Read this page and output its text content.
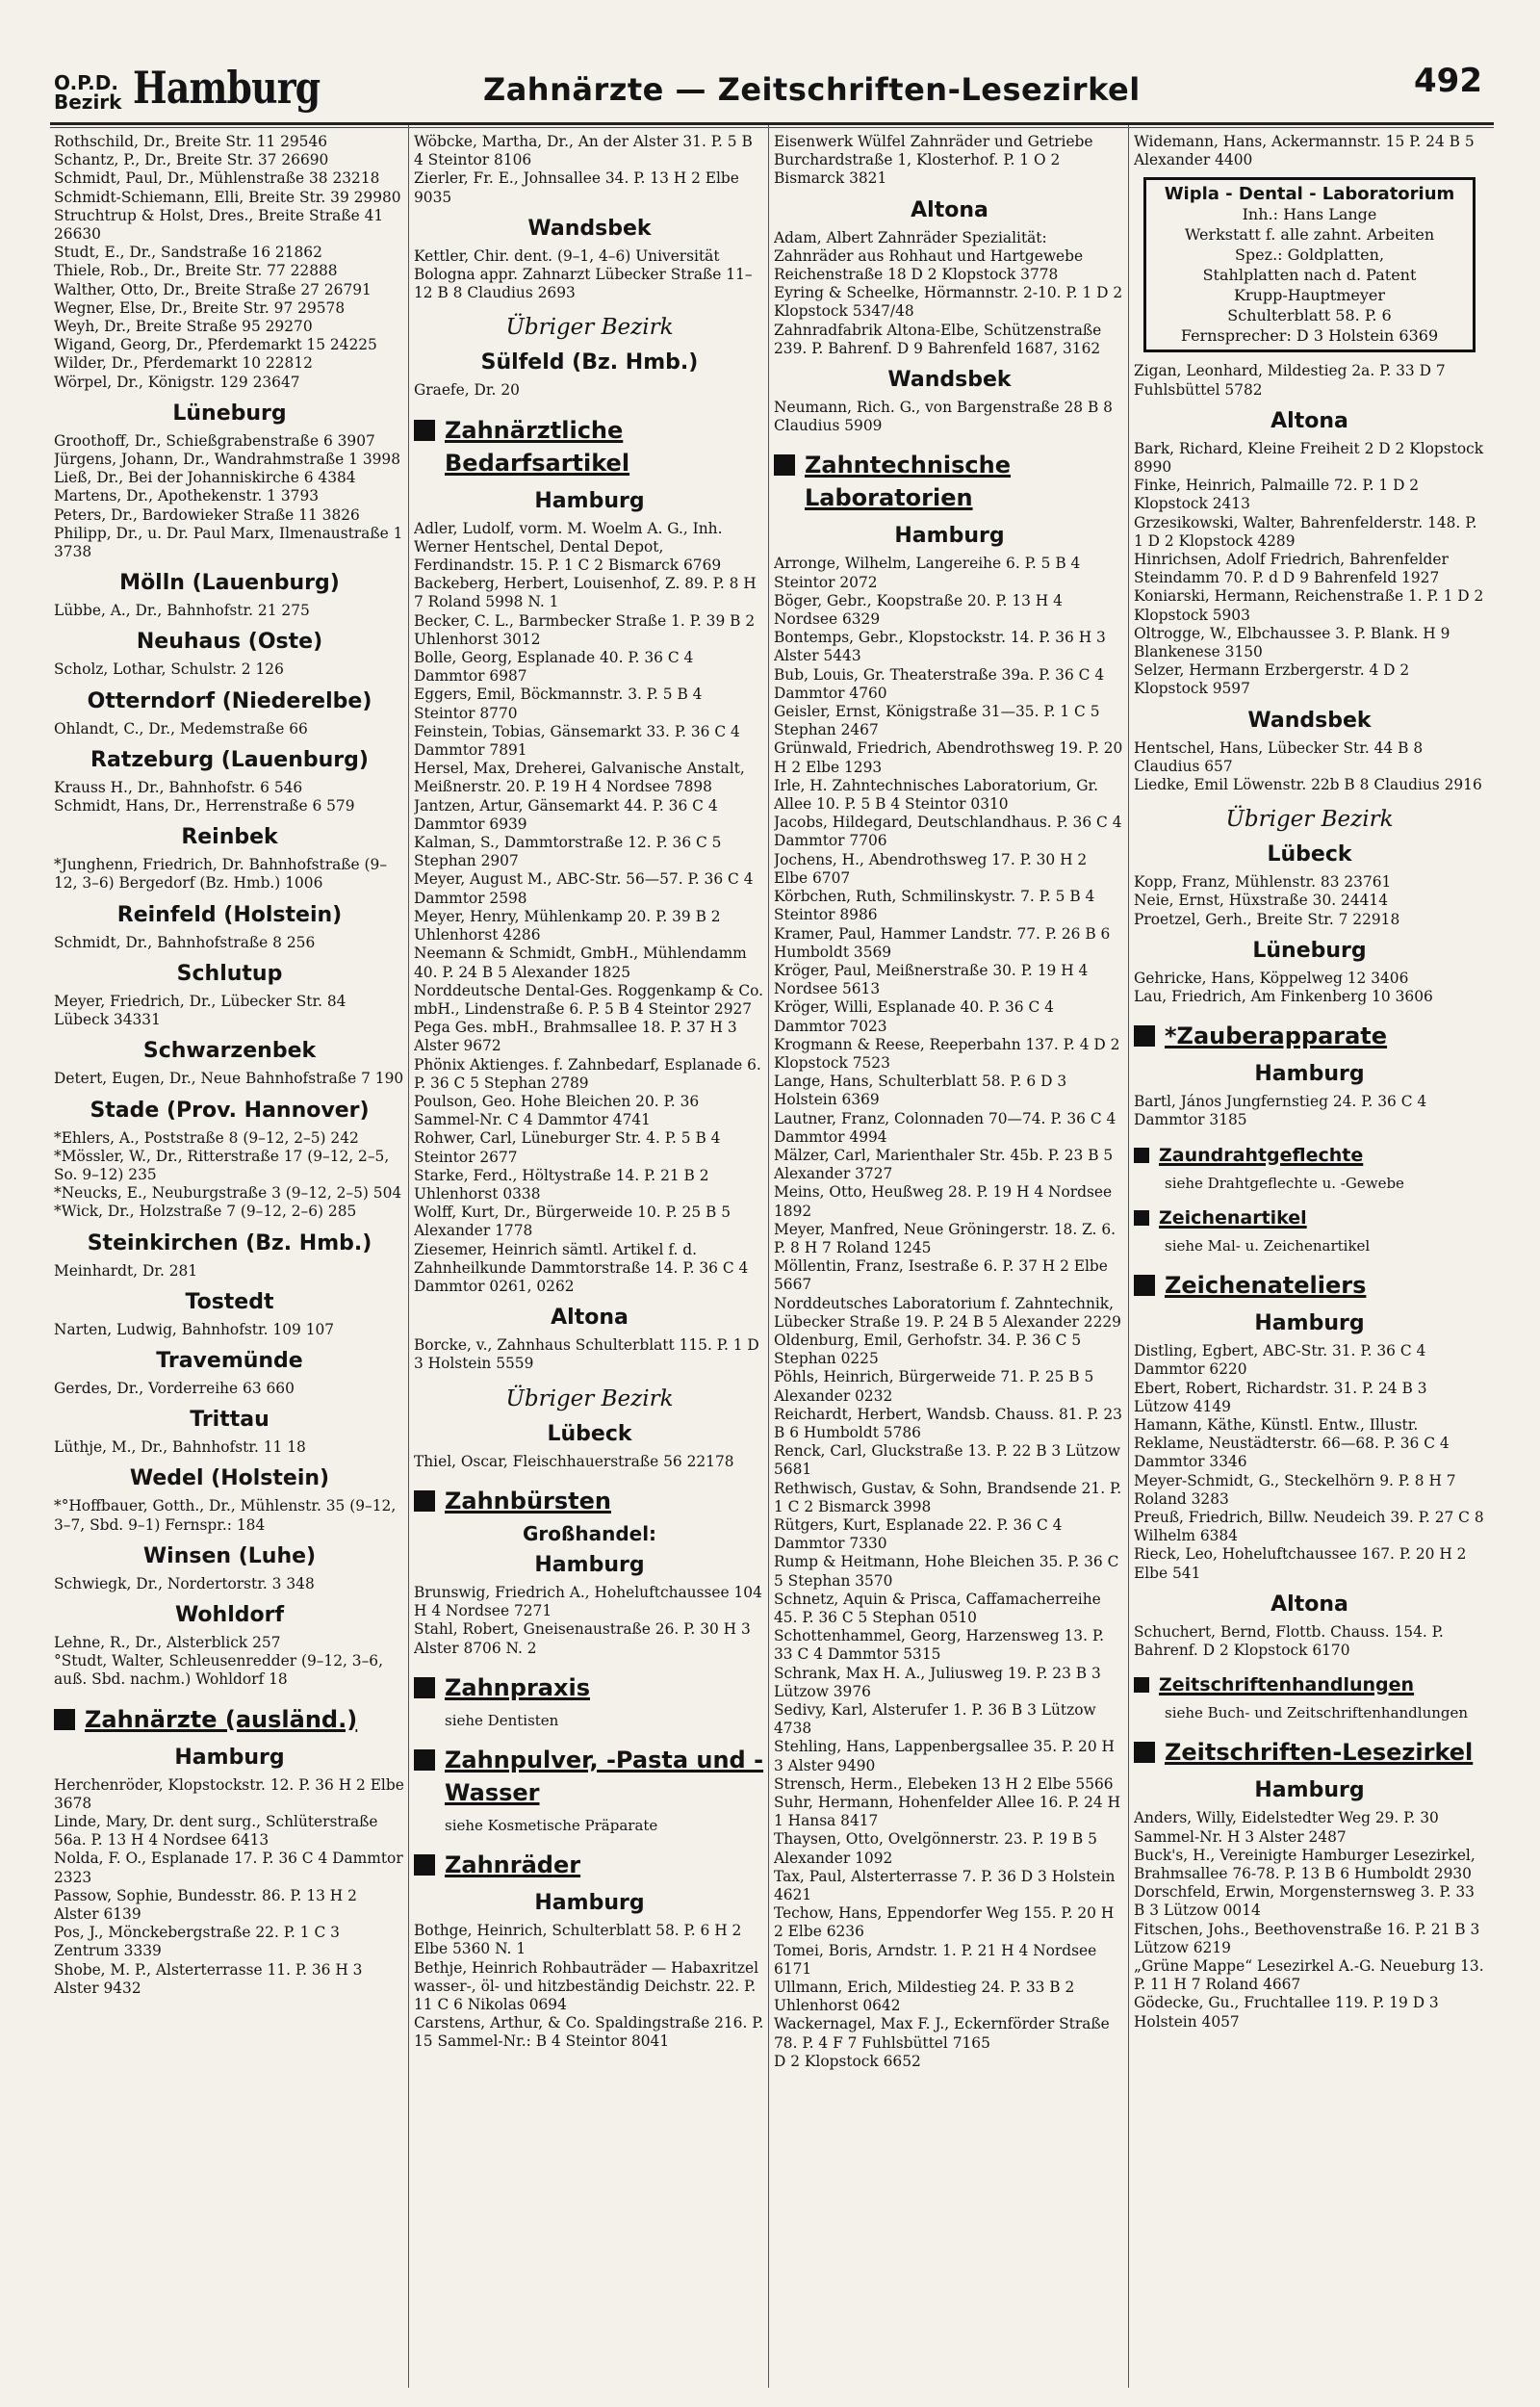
O.P.D.
Bezirk Hamburg	Zahnärzte — Zeitschriften-Lesezirkel	492

Rothschild, Dr., Breite Str. 11 29546

Schantz, P., Dr., Breite Str. 37 26690

Schmidt, Paul, Dr., Mühlenstraße 38 23218

Schmidt-Schiemann, Elli, Breite Str. 39 29980

Struchtrup & Holst, Dres., Breite Straße 41 26630

Studt, E., Dr., Sandstraße 16 21862

Thiele, Rob., Dr., Breite Str. 77 22888

Walther, Otto, Dr., Breite Straße 27 26791

Wegner, Else, Dr., Breite Str. 97 29578

Weyh, Dr., Breite Straße 95 29270

Wigand, Georg, Dr., Pferdemarkt 15 24225

Wilder, Dr., Pferdemarkt 10 22812

Wörpel, Dr., Königstr. 129 23647

Lüneburg

Groothoff, Dr., Schießgrabenstraße 6 3907

Jürgens, Johann, Dr., Wandrahmstraße 1 3998

Ließ, Dr., Bei der Johanniskirche 6 4384

Martens, Dr., Apothekenstr. 1 3793

Peters, Dr., Bardowieker Straße 11 3826

Philipp, Dr., u. Dr. Paul Marx, Ilmenaustraße 1 3738

Mölln (Lauenburg)

Lübbe, A., Dr., Bahnhofstr. 21 275

Neuhaus (Oste)

Scholz, Lothar, Schulstr. 2 126

Otterndorf (Niederelbe)

Ohlandt, C., Dr., Medemstraße 66

Ratzeburg (Lauenburg)

Krauss H., Dr., Bahnhofstr. 6 546

Schmidt, Hans, Dr., Herrenstraße 6 579

Reinbek

*Junghenn, Friedrich, Dr. Bahnhofstraße (9–12, 3–6) Bergedorf (Bz. Hmb.) 1006

Reinfeld (Holstein)

Schmidt, Dr., Bahnhofstraße 8 256

Schlutup

Meyer, Friedrich, Dr., Lübecker Str. 84 Lübeck 34331

Schwarzenbek

Detert, Eugen, Dr., Neue Bahnhofstraße 7 190

Stade (Prov. Hannover)

*Ehlers, A., Poststraße 8 (9–12, 2–5) 242

*Mössler, W., Dr., Ritterstraße 17 (9–12, 2–5, So. 9–12) 235

*Neucks, E., Neuburgstraße 3 (9–12, 2–5) 504

*Wick, Dr., Holzstraße 7 (9–12, 2–6) 285

Steinkirchen (Bz. Hmb.)

Meinhardt, Dr. 281

Tostedt

Narten, Ludwig, Bahnhofstr. 109 107

Travemünde

Gerdes, Dr., Vorderreihe 63 660

Trittau

Lüthje, M., Dr., Bahnhofstr. 11 18

Wedel (Holstein)

*°Hoffbauer, Gotth., Dr., Mühlenstr. 35 (9–12, 3–7, Sbd. 9–1) Fernspr.: 184

Winsen (Luhe)

Schwiegk, Dr., Nordertorstr. 3 348

Wohldorf

Lehne, R., Dr., Alsterblick 257

°Studt, Walter, Schleusenredder (9–12, 3–6, auß. Sbd. nachm.) Wohldorf 18

Zahnärzte (ausländ.)
Hamburg

Herchenröder, Klopstockstr. 12. P. 36 H 2 Elbe 3678

Linde, Mary, Dr. dent surg., Schlüterstraße 56a. P. 13 H 4 Nordsee 6413

Nolda, F. O., Esplanade 17. P. 36 C 4 Dammtor 2323

Passow, Sophie, Bundesstr. 86. P. 13 H 2 Alster 6139

Pos, J., Mönckebergstraße 22. P. 1 C 3 Zentrum 3339

Shobe, M. P., Alsterterrasse 11. P. 36 H 3 Alster 9432

Wöbcke, Martha, Dr., An der Alster 31. P. 5 B 4 Steintor 8106

Zierler, Fr. E., Johnsallee 34. P. 13 H 2 Elbe 9035

Wandsbek

Kettler, Chir. dent. (9–1, 4–6) Universität Bologna appr. Zahnarzt Lübecker Straße 11–12 B 8 Claudius 2693

Übriger Bezirk
Sülfeld (Bz. Hmb.)

Graefe, Dr. 20

Zahnärztliche Bedarfsartikel
Hamburg

Adler, Ludolf, vorm. M. Woelm A. G., Inh. Werner Hentschel, Dental Depot, Ferdinandstr. 15. P. 1 C 2 Bismarck 6769

Backeberg, Herbert, Louisenhof, Z. 89. P. 8 H 7 Roland 5998 N. 1

Becker, C. L., Barmbecker Straße 1. P. 39 B 2 Uhlenhorst 3012

Bolle, Georg, Esplanade 40. P. 36 C 4 Dammtor 6987

Eggers, Emil, Böckmannstr. 3. P. 5 B 4 Steintor 8770

Feinstein, Tobias, Gänsemarkt 33. P. 36 C 4 Dammtor 7891

Hersel, Max, Dreherei, Galvanische Anstalt, Meißnerstr. 20. P. 19 H 4 Nordsee 7898

Jantzen, Artur, Gänsemarkt 44. P. 36 C 4 Dammtor 6939

Kalman, S., Dammtorstraße 12. P. 36 C 5 Stephan 2907

Meyer, August M., ABC-Str. 56—57. P. 36 C 4 Dammtor 2598

Meyer, Henry, Mühlenkamp 20. P. 39 B 2 Uhlenhorst 4286

Neemann & Schmidt, GmbH., Mühlendamm 40. P. 24 B 5 Alexander 1825

Norddeutsche Dental-Ges. Roggenkamp & Co. mbH., Lindenstraße 6. P. 5 B 4 Steintor 2927

Pega Ges. mbH., Brahmsallee 18. P. 37 H 3 Alster 9672

Phönix Aktienges. f. Zahnbedarf, Esplanade 6. P. 36 C 5 Stephan 2789

Poulson, Geo. Hohe Bleichen 20. P. 36 Sammel-Nr. C 4 Dammtor 4741

Rohwer, Carl, Lüneburger Str. 4. P. 5 B 4 Steintor 2677

Starke, Ferd., Höltystraße 14. P. 21 B 2 Uhlenhorst 0338

Wolff, Kurt, Dr., Bürgerweide 10. P. 25 B 5 Alexander 1778

Ziesemer, Heinrich sämtl. Artikel f. d. Zahnheilkunde Dammtorstraße 14. P. 36 C 4 Dammtor 0261, 0262

Altona

Borcke, v., Zahnhaus Schulterblatt 115. P. 1 D 3 Holstein 5559

Übriger Bezirk
Lübeck

Thiel, Oscar, Fleischhauerstraße 56 22178

Zahnbürsten
Großhandel:
Hamburg

Brunswig, Friedrich A., Hoheluftchaussee 104 H 4 Nordsee 7271

Stahl, Robert, Gneisenaustraße 26. P. 30 H 3 Alster 8706 N. 2

Zahnpraxis
siehe Dentisten
Zahnpulver, -Pasta und -Wasser
siehe Kosmetische Präparate
Zahnräder
Hamburg

Bothge, Heinrich, Schulterblatt 58. P. 6 H 2 Elbe 5360 N. 1

Bethje, Heinrich Rohbauträder — Habaxritzel wasser-, öl- und hitzbeständig Deichstr. 22. P. 11 C 6 Nikolas 0694

Carstens, Arthur, & Co. Spaldingstraße 216. P. 15 Sammel-Nr.: B 4 Steintor 8041

Eisenwerk Wülfel Zahnräder und Getriebe Burchardstraße 1, Klosterhof. P. 1 O 2 Bismarck 3821

Altona

Adam, Albert Zahnräder Spezialität: Zahnräder aus Rohhaut und Hartgewebe Reichenstraße 18 D 2 Klopstock 3778

Eyring & Scheelke, Hörmannstr. 2-10. P. 1 D 2 Klopstock 5347/48

Zahnradfabrik Altona-Elbe, Schützenstraße 239. P. Bahrenf. D 9 Bahrenfeld 1687, 3162

Wandsbek

Neumann, Rich. G., von Bargenstraße 28 B 8 Claudius 5909

Zahntechnische Laboratorien
Hamburg

Arronge, Wilhelm, Langereihe 6. P. 5 B 4 Steintor 2072

Böger, Gebr., Koopstraße 20. P. 13 H 4 Nordsee 6329

Bontemps, Gebr., Klopstockstr. 14. P. 36 H 3 Alster 5443

Bub, Louis, Gr. Theaterstraße 39a. P. 36 C 4 Dammtor 4760

Geisler, Ernst, Königstraße 31—35. P. 1 C 5 Stephan 2467

Grünwald, Friedrich, Abendrothsweg 19. P. 20 H 2 Elbe 1293

Irle, H. Zahntechnisches Laboratorium, Gr. Allee 10. P. 5 B 4 Steintor 0310

Jacobs, Hildegard, Deutschlandhaus. P. 36 C 4 Dammtor 7706

Jochens, H., Abendrothsweg 17. P. 30 H 2 Elbe 6707

Körbchen, Ruth, Schmilinskystr. 7. P. 5 B 4 Steintor 8986

Kramer, Paul, Hammer Landstr. 77. P. 26 B 6 Humboldt 3569

Kröger, Paul, Meißnerstraße 30. P. 19 H 4 Nordsee 5613

Kröger, Willi, Esplanade 40. P. 36 C 4 Dammtor 7023

Krogmann & Reese, Reeperbahn 137. P. 4 D 2 Klopstock 7523

Lange, Hans, Schulterblatt 58. P. 6 D 3 Holstein 6369

Lautner, Franz, Colonnaden 70—74. P. 36 C 4 Dammtor 4994

Mälzer, Carl, Marienthaler Str. 45b. P. 23 B 5 Alexander 3727

Meins, Otto, Heußweg 28. P. 19 H 4 Nordsee 1892

Meyer, Manfred, Neue Gröningerstr. 18. Z. 6. P. 8 H 7 Roland 1245

Möllentin, Franz, Isestraße 6. P. 37 H 2 Elbe 5667

Norddeutsches Laboratorium f. Zahntechnik, Lübecker Straße 19. P. 24 B 5 Alexander 2229

Oldenburg, Emil, Gerhofstr. 34. P. 36 C 5 Stephan 0225

Pöhls, Heinrich, Bürgerweide 71. P. 25 B 5 Alexander 0232

Reichardt, Herbert, Wandsb. Chauss. 81. P. 23 B 6 Humboldt 5786

Renck, Carl, Gluckstraße 13. P. 22 B 3 Lützow 5681

Rethwisch, Gustav, & Sohn, Brandsende 21. P. 1 C 2 Bismarck 3998

Rütgers, Kurt, Esplanade 22. P. 36 C 4 Dammtor 7330

Rump & Heitmann, Hohe Bleichen 35. P. 36 C 5 Stephan 3570

Schnetz, Aquin & Prisca, Caffamacherreihe 45. P. 36 C 5 Stephan 0510

Schottenhammel, Georg, Harzensweg 13. P. 33 C 4 Dammtor 5315

Schrank, Max H. A., Juliusweg 19. P. 23 B 3 Lützow 3976

Sedivy, Karl, Alsterufer 1. P. 36 B 3 Lützow 4738

Stehling, Hans, Lappenbergsallee 35. P. 20 H 3 Alster 9490

Strensch, Herm., Elebeken 13 H 2 Elbe 5566

Suhr, Hermann, Hohenfelder Allee 16. P. 24 H 1 Hansa 8417

Thaysen, Otto, Ovelgönnerstr. 23. P. 19 B 5 Alexander 1092

Tax, Paul, Alsterterrasse 7. P. 36 D 3 Holstein 4621

Techow, Hans, Eppendorfer Weg 155. P. 20 H 2 Elbe 6236

Tomei, Boris, Arndstr. 1. P. 21 H 4 Nordsee 6171

Ullmann, Erich, Mildestieg 24. P. 33 B 2 Uhlenhorst 0642

Wackernagel, Max F. J., Eckernförder Straße 78. P. 4 F 7 Fuhlsbüttel 7165

D 2 Klopstock 6652

Widemann, Hans, Ackermannstr. 15 P. 24 B 5 Alexander 4400

Wipla - Dental - Laboratorium
Inh.: Hans Lange
Werkstatt f. alle zahnt. Arbeiten
Spez.: Goldplatten,
Stahlplatten nach d. Patent
Krupp-Hauptmeyer
Schulterblatt 58. P. 6
Fernsprecher: D 3 Holstein 6369

Zigan, Leonhard, Mildestieg 2a. P. 33 D 7 Fuhlsbüttel 5782

Altona

Bark, Richard, Kleine Freiheit 2 D 2 Klopstock 8990

Finke, Heinrich, Palmaille 72. P. 1 D 2 Klopstock 2413

Grzesikowski, Walter, Bahrenfelderstr. 148. P. 1 D 2 Klopstock 4289

Hinrichsen, Adolf Friedrich, Bahrenfelder Steindamm 70. P. d D 9 Bahrenfeld 1927

Koniarski, Hermann, Reichenstraße 1. P. 1 D 2 Klopstock 5903

Oltrogge, W., Elbchaussee 3. P. Blank. H 9 Blankenese 3150

Selzer, Hermann Erzbergerstr. 4 D 2 Klopstock 9597

Wandsbek

Hentschel, Hans, Lübecker Str. 44 B 8 Claudius 657

Liedke, Emil Löwenstr. 22b B 8 Claudius 2916

Übriger Bezirk
Lübeck

Kopp, Franz, Mühlenstr. 83 23761

Neie, Ernst, Hüxstraße 30. 24414

Proetzel, Gerh., Breite Str. 7 22918

Lüneburg

Gehricke, Hans, Köppelweg 12 3406

Lau, Friedrich, Am Finkenberg 10 3606

*Zauberapparate
Hamburg

Bartl, János Jungfernstieg 24. P. 36 C 4 Dammtor 3185

Zaundrahtgeflechte
siehe Drahtgeflechte u. -Gewebe
Zeichenartikel
siehe Mal- u. Zeichenartikel
Zeichenateliers
Hamburg

Distling, Egbert, ABC-Str. 31. P. 36 C 4 Dammtor 6220

Ebert, Robert, Richardstr. 31. P. 24 B 3 Lützow 4149

Hamann, Käthe, Künstl. Entw., Illustr. Reklame, Neustädterstr. 66—68. P. 36 C 4 Dammtor 3346

Meyer-Schmidt, G., Steckelhörn 9. P. 8 H 7 Roland 3283

Preuß, Friedrich, Billw. Neudeich 39. P. 27 C 8 Wilhelm 6384

Rieck, Leo, Hoheluftchaussee 167. P. 20 H 2 Elbe 541

Altona

Schuchert, Bernd, Flottb. Chauss. 154. P. Bahrenf. D 2 Klopstock 6170

Zeitschriftenhandlungen
siehe Buch- und Zeitschriftenhandlungen
Zeitschriften-Lesezirkel
Hamburg

Anders, Willy, Eidelstedter Weg 29. P. 30 Sammel-Nr. H 3 Alster 2487

Buck's, H., Vereinigte Hamburger Lesezirkel, Brahmsallee 76-78. P. 13 B 6 Humboldt 2930

Dorschfeld, Erwin, Morgensternsweg 3. P. 33 B 3 Lützow 0014

Fitschen, Johs., Beethovenstraße 16. P. 21 B 3 Lützow 6219

„Grüne Mappe“ Lesezirkel A.-G. Neueburg 13. P. 11 H 7 Roland 4667

Gödecke, Gu., Fruchtallee 119. P. 19 D 3 Holstein 4057
